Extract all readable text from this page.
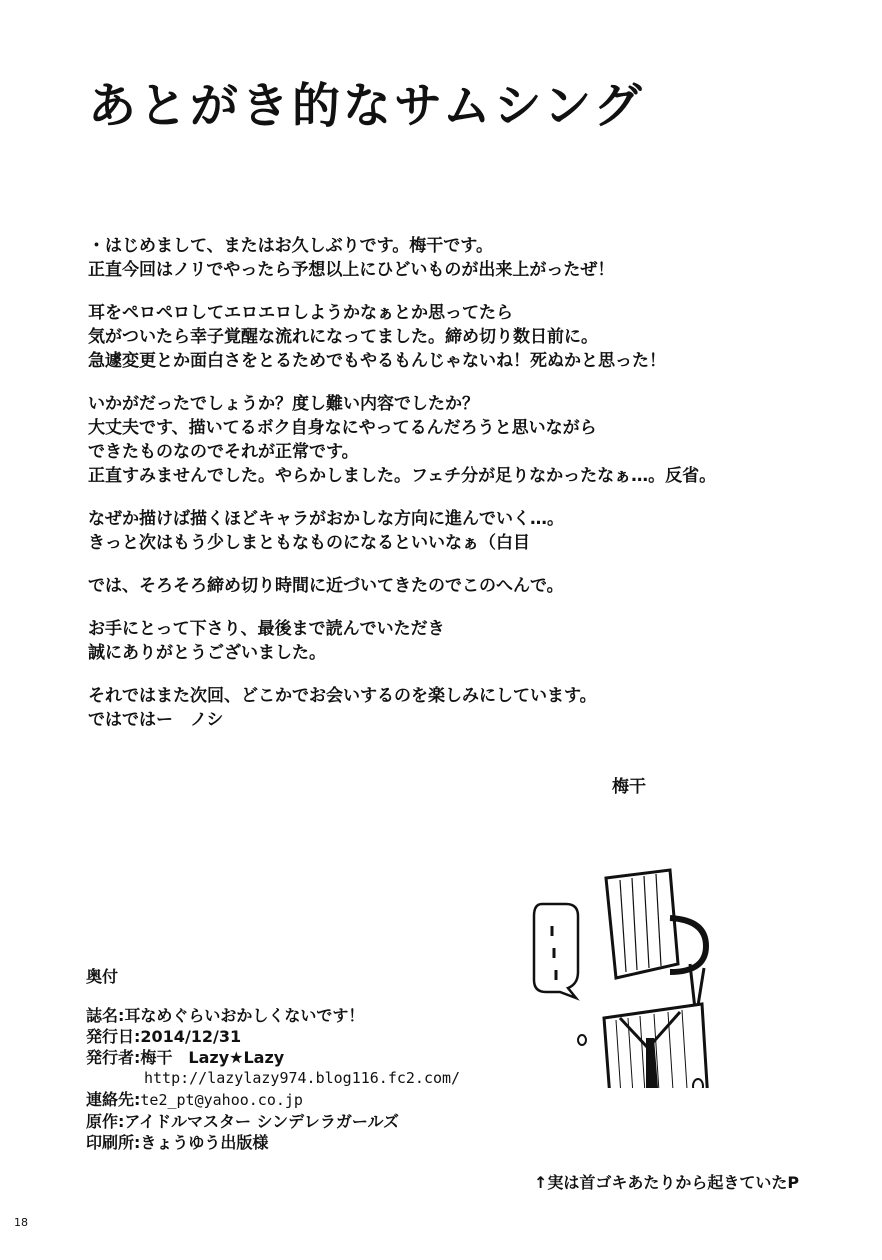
あとがき的なサムシング
・はじめまして、またはお久しぶりです。梅干です。
正直今回はノリでやったら予想以上にひどいものが出来上がったぜ！
耳をペロペロしてエロエロしようかなぁとか思ってたら
気がついたら幸子覚醒な流れになってました。締め切り数日前に。
急遽変更とか面白さをとるためでもやるもんじゃないね！死ぬかと思った！
いかがだったでしょうか？度し難い内容でしたか？
大丈夫です、描いてるボク自身なにやってるんだろうと思いながら
できたものなのでそれが正常です。
正直すみませんでした。やらかしました。フェチ分が足りなかったなぁ…。反省。
なぜか描けば描くほどキャラがおかしな方向に進んでいく…。
きっと次はもう少しまともなものになるといいなぁ（白目
では、そろそろ締め切り時間に近づいてきたのでこのへんで。
お手にとって下さり、最後まで読んでいただき
誠にありがとうございました。
それではまた次回、どこかでお会いするのを楽しみにしています。
ではではー　ノシ
梅干
奥付
誌名:耳なめぐらいおかしくないです！
発行日:2014/12/31
発行者:梅干　Lazy★Lazy
http://lazylazy974.blog116.fc2.com/
連絡先:te2_pt@yahoo.co.jp
原作:アイドルマスター シンデレラガールズ
印刷所:きょうゆう出版様
↑実は首ゴキあたりから起きていたP
18
